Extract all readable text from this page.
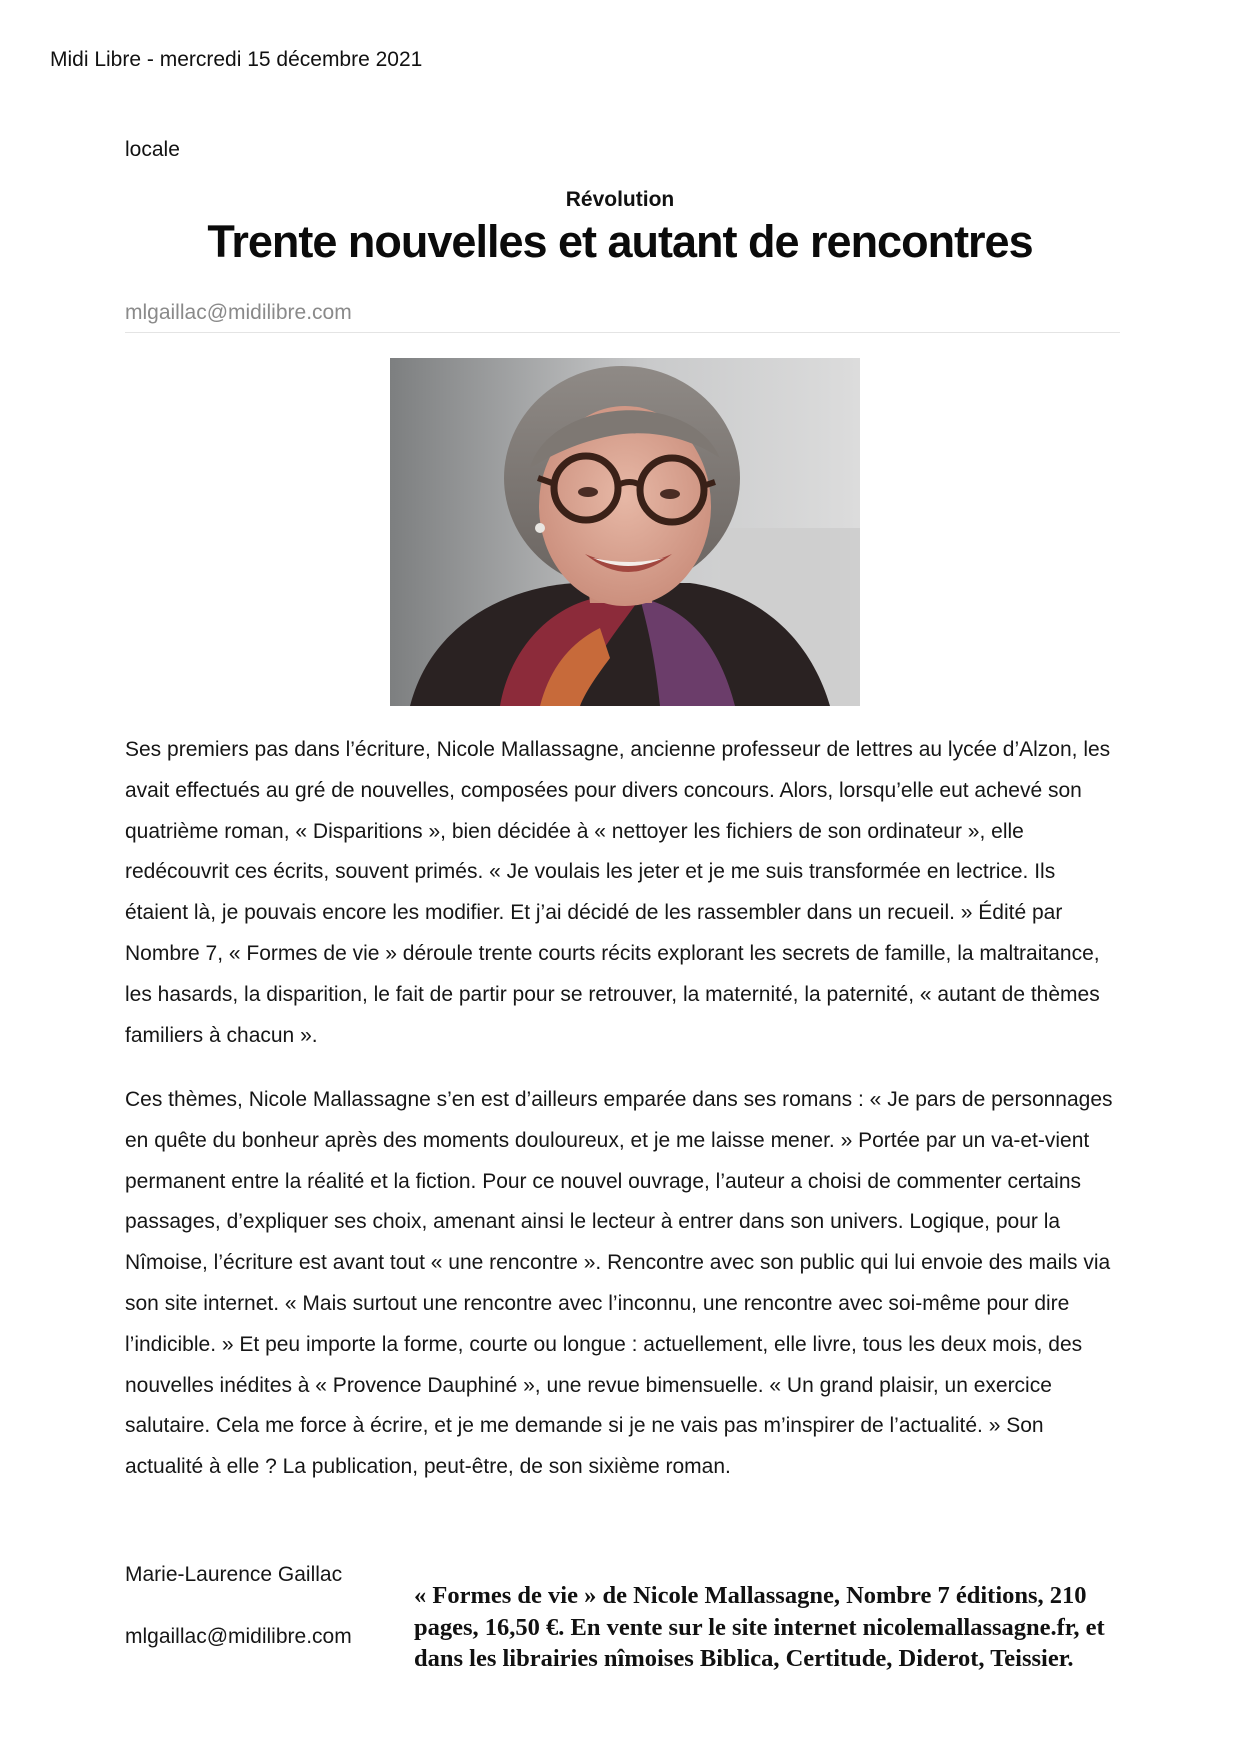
Midi Libre - mercredi 15 décembre 2021
locale
Révolution
Trente nouvelles et autant de rencontres
mlgaillac@midilibre.com

Ses premiers pas dans l’écriture, Nicole Mallassagne, ancienne professeur de lettres au lycée d’Alzon, les avait effectués au gré de nouvelles, composées pour divers concours. Alors, lorsqu’elle eut achevé son quatrième roman, « Disparitions », bien décidée à « nettoyer les fichiers de son ordinateur », elle redécouvrit ces écrits, souvent primés. « Je voulais les jeter et je me suis transformée en lectrice. Ils étaient là, je pouvais encore les modifier. Et j’ai décidé de les rassembler dans un recueil. » Édité par Nombre 7, « Formes de vie » déroule trente courts récits explorant les secrets de famille, la maltraitance, les hasards, la disparition, le fait de partir pour se retrouver, la maternité, la paternité, « autant de thèmes familiers à chacun ».

Ces thèmes, Nicole Mallassagne s’en est d’ailleurs emparée dans ses romans : « Je pars de personnages en quête du bonheur après des moments douloureux, et je me laisse mener. » Portée par un va-et-vient permanent entre la réalité et la fiction. Pour ce nouvel ouvrage, l’auteur a choisi de commenter certains passages, d’expliquer ses choix, amenant ainsi le lecteur à entrer dans son univers. Logique, pour la Nîmoise, l’écriture est avant tout « une rencontre ». Rencontre avec son public qui lui envoie des mails via son site internet. « Mais surtout une rencontre avec l’inconnu, une rencontre avec soi-même pour dire l’indicible. » Et peu importe la forme, courte ou longue : actuellement, elle livre, tous les deux mois, des nouvelles inédites à « Provence Dauphiné », une revue bimensuelle. « Un grand plaisir, un exercice salutaire. Cela me force à écrire, et je me demande si je ne vais pas m’inspirer de l’actualité. » Son actualité à elle ? La publication, peut-être, de son sixième roman.

Marie-Laurence Gaillac
mlgaillac@midilibre.com
« Formes de vie » de Nicole Mallassagne, Nombre 7 éditions, 210 pages, 16,50 €. En vente sur le site internet nicolemallassagne.fr, et dans les librairies nîmoises Biblica, Certitude, Diderot, Teissier.
